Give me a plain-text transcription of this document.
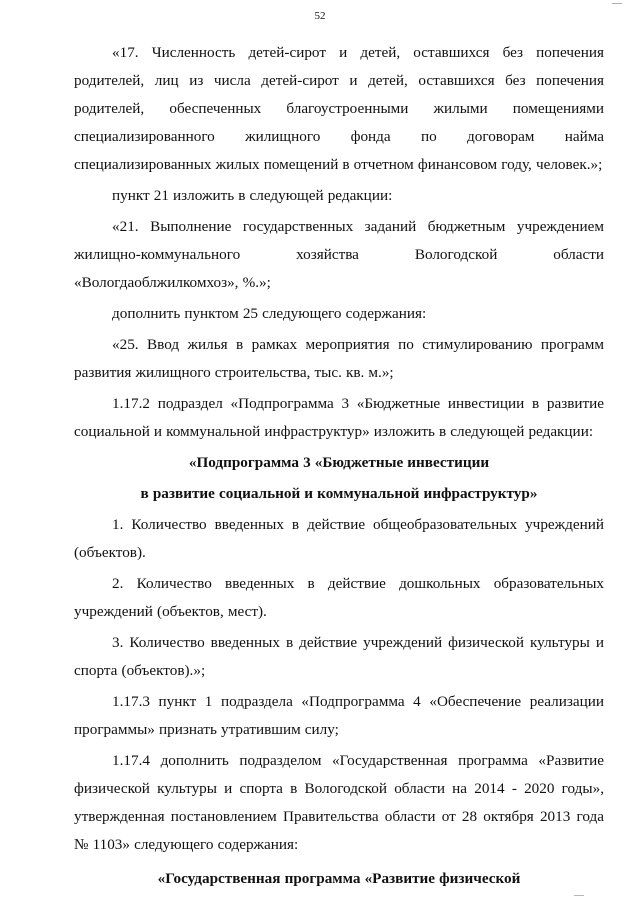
—
52

«17. Численность детей-сирот и детей, оставшихся без попечения родителей, лиц из числа детей-сирот и детей, оставшихся без попечения родителей, обеспеченных благоустроенными жилыми помещениями специализированного жилищного фонда по договорам найма специализированных жилых помещений в отчетном финансовом году, человек.»;

пункт 21 изложить в следующей редакции:

«21. Выполнение государственных заданий бюджетным учреждением жилищно-коммунального хозяйства Вологодской области «Вологдаоблжилкомхоз», %.»;

дополнить пунктом 25 следующего содержания:

«25. Ввод жилья в рамках мероприятия по стимулированию программ развития жилищного строительства, тыс. кв. м.»;

1.17.2 подраздел «Подпрограмма 3 «Бюджетные инвестиции в развитие социальной и коммунальной инфраструктур» изложить в следующей редакции:

«Подпрограмма 3 «Бюджетные инвестиции

в развитие социальной и коммунальной инфраструктур»

1. Количество введенных в действие общеобразовательных учреждений (объектов).

2. Количество введенных в действие дошкольных образовательных учреждений (объектов, мест).

3. Количество введенных в действие учреждений физической культуры и спорта (объектов).»;

1.17.3 пункт 1 подраздела «Подпрограмма 4 «Обеспечение реализации программы» признать утратившим силу;

1.17.4 дополнить подразделом «Государственная программа «Развитие физической культуры и спорта в Вологодской области на 2014 - 2020 годы», утвержденная постановлением Правительства области от 28 октября 2013 года № 1103» следующего содержания:

«Государственная программа «Развитие физической

—
